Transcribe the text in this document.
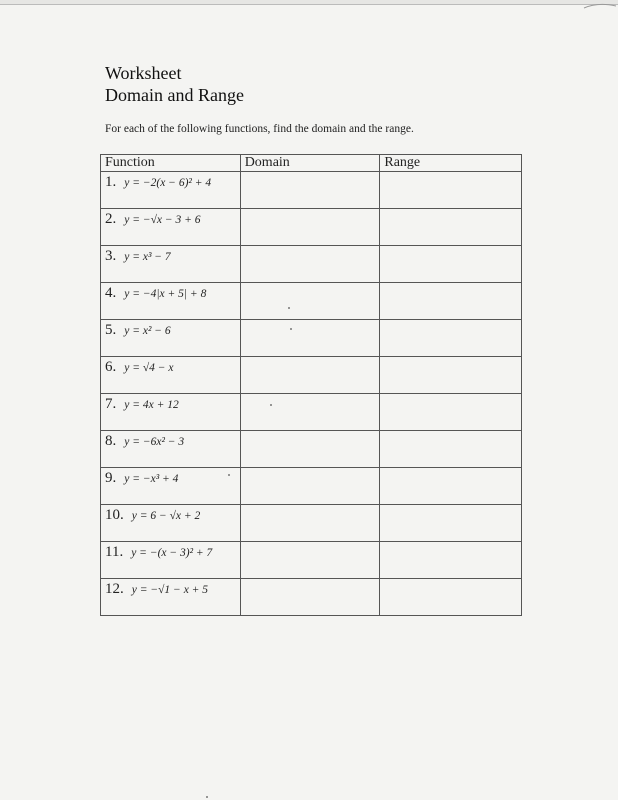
Worksheet
Domain and Range
For each of the following functions, find the domain and the range.
Function	Domain	Range

1. y = −2(x − 6)² + 4		

2. y = −√x − 3 + 6		

3. y = x³ − 7		

4. y = −4|x + 5| + 8		

5. y = x² − 6		

6. y = √4 − x		

7. y = 4x + 12		

8. y = −6x² − 3		

9. y = −x³ + 4		

10. y = 6 − √x + 2		

11. y = −(x − 3)² + 7		

12. y = −√1 − x + 5		
